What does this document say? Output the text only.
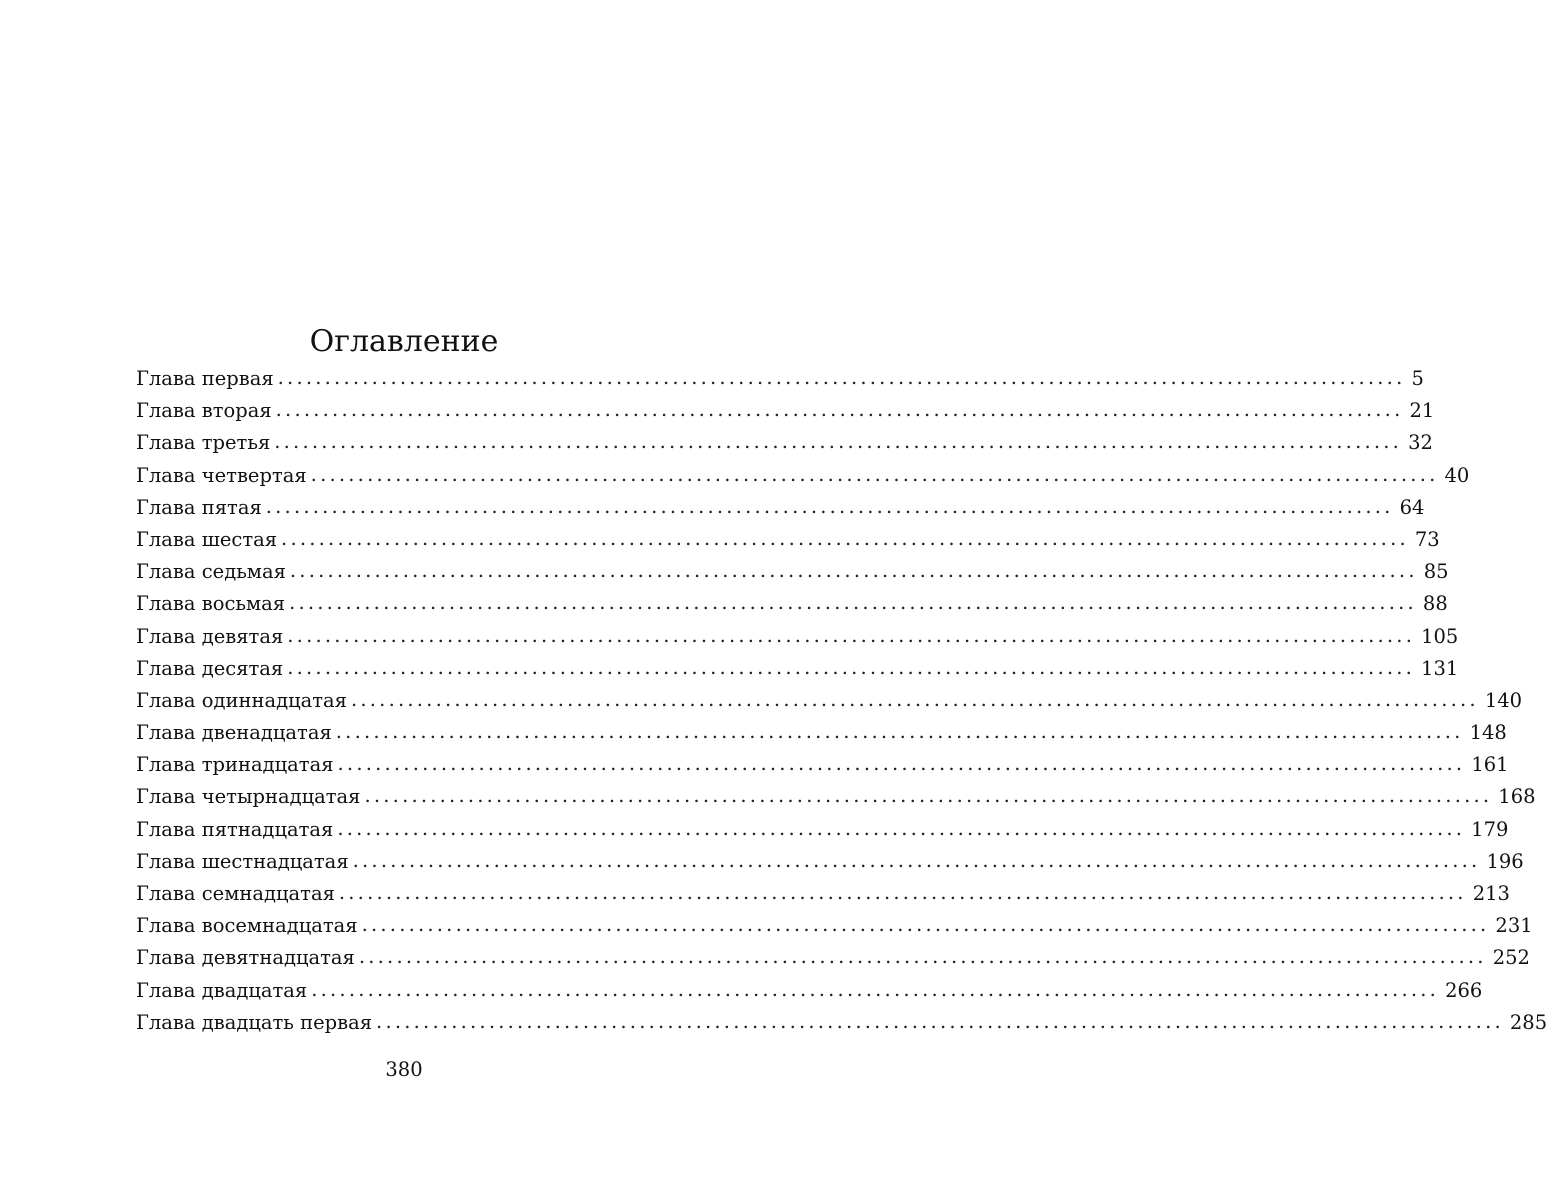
Оглавление
Глава первая ........................................................................................................................ 5
Глава вторая ........................................................................................................................ 21
Глава третья ........................................................................................................................ 32
Глава четвертая ........................................................................................................................ 40
Глава пятая ........................................................................................................................ 64
Глава шестая ........................................................................................................................ 73
Глава седьмая ........................................................................................................................ 85
Глава восьмая ........................................................................................................................ 88
Глава девятая ........................................................................................................................ 105
Глава десятая ........................................................................................................................ 131
Глава одиннадцатая ........................................................................................................................ 140
Глава двенадцатая ........................................................................................................................ 148
Глава тринадцатая ........................................................................................................................ 161
Глава четырнадцатая ........................................................................................................................ 168
Глава пятнадцатая ........................................................................................................................ 179
Глава шестнадцатая ........................................................................................................................ 196
Глава семнадцатая ........................................................................................................................ 213
Глава восемнадцатая ........................................................................................................................ 231
Глава девятнадцатая ........................................................................................................................ 252
Глава двадцатая ........................................................................................................................ 266
Глава двадцать первая ........................................................................................................................ 285
380
